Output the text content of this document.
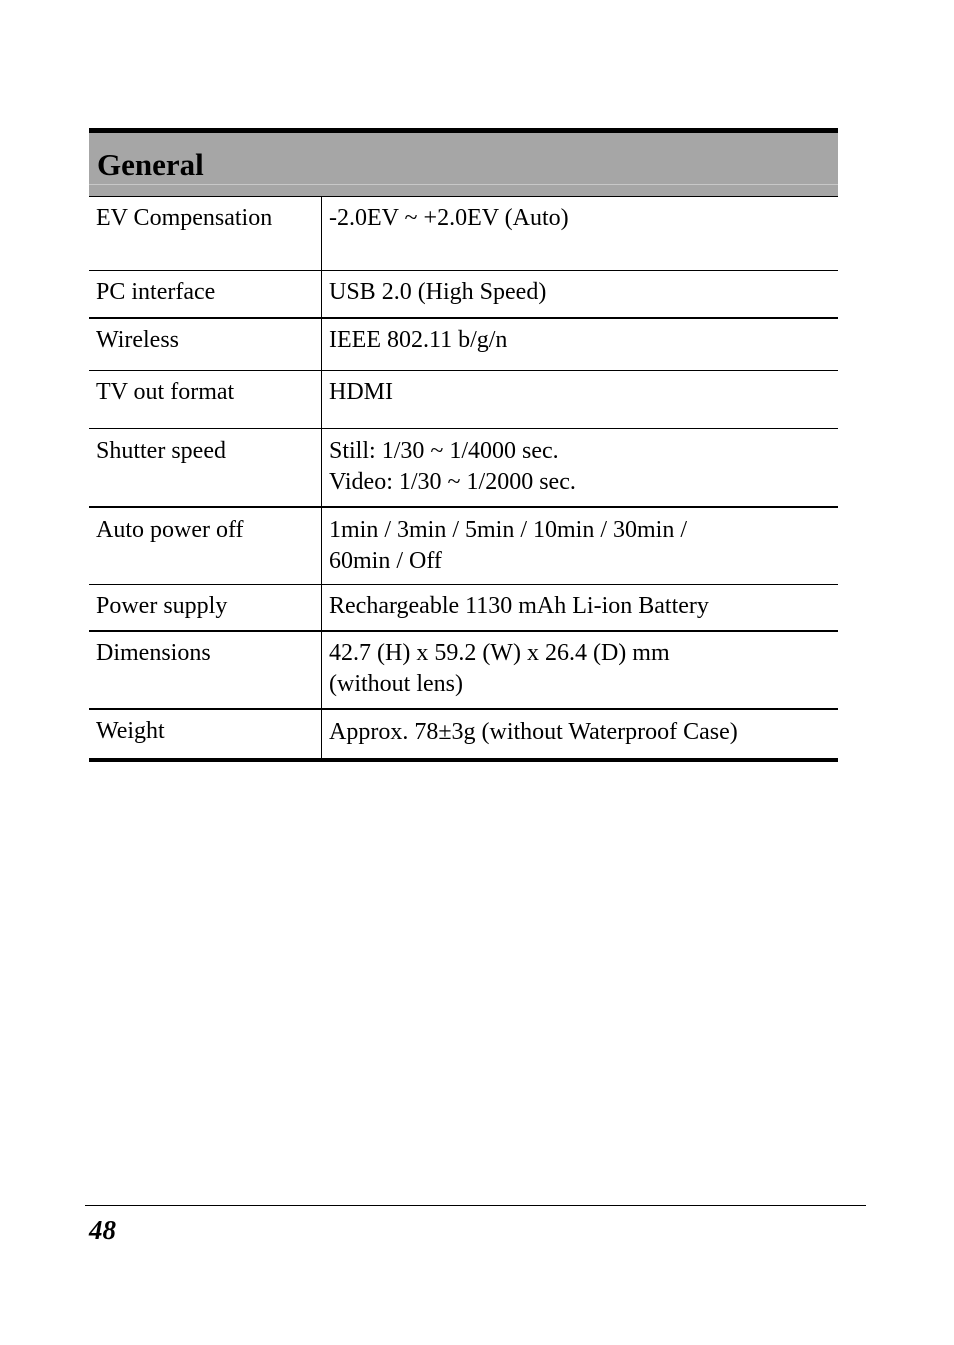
General
EV Compensation	-2.0EV ~ +2.0EV (Auto)
PC interface	USB 2.0 (High Speed)
Wireless	IEEE 802.11 b/g/n
TV out format	HDMI
Shutter speed	Still: 1/30 ~ 1/4000 sec.
Video: 1/30 ~ 1/2000 sec.
Auto power off	1min / 3min / 5min / 10min / 30min /
60min / Off
Power supply	Rechargeable 1130 mAh Li-ion Battery
Dimensions	42.7 (H) x 59.2 (W) x 26.4 (D) mm
(without lens)
Weight	Approx. 78±3g (without Waterproof Case)
48
